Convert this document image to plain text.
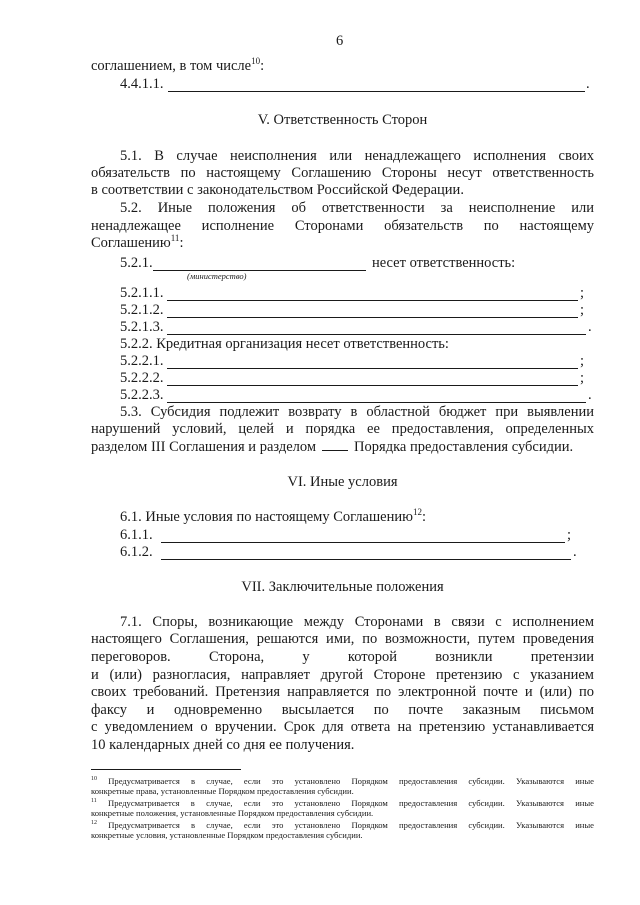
6
соглашением, в том числе$^{10}$:
4.4.1.1.	.
V. Ответственность Сторон
5.1. В случае неисполнения или ненадлежащего исполнения своих
обязательств по настоящему Соглашению Стороны несут ответственность
в соответствии с законодательством Российской Федерации.
5.2. Иные положения об ответственности за неисполнение или
ненадлежащее исполнение Сторонами обязательств по настоящему
Соглашению$^{11}$:
5.2.1.	несет ответственность:
(министерство)
5.2.1.1.	;
5.2.1.2.	;
5.2.1.3.	.
5.2.2. Кредитная организация несет ответственность:
5.2.2.1.	;
5.2.2.2.	;
5.2.2.3.	.
5.3. Субсидия подлежит возврату в областной бюджет при выявлении
нарушений условий, целей и порядка ее предоставления, определенных
разделом III Соглашения и разделом	Порядка предоставления субсидии.
VI. Иные условия
6.1. Иные условия по настоящему Соглашению$^{12}$:
6.1.1.	;
6.1.2.	.
VII. Заключительные положения
7.1. Споры, возникающие между Сторонами в связи с исполнением
настоящего Соглашения, решаются ими, по возможности, путем проведения
переговоров. Сторона, у которой возникли претензии
и (или) разногласия, направляет другой Стороне претензию с указанием
своих требований. Претензия направляется по электронной почте и (или) по
факсу и одновременно высылается по почте заказным письмом
с уведомлением о вручении. Срок для ответа на претензию устанавливается
10 календарных дней со дня ее получения.
$^{10}$ Предусматривается в случае, если это установлено Порядком предоставления субсидии. Указываются иные
конкретные права, установленные Порядком предоставления субсидии.
$^{11}$ Предусматривается в случае, если это установлено Порядком предоставления субсидии. Указываются иные
конкретные положения, установленные Порядком предоставления субсидии.
$^{12}$ Предусматривается в случае, если это установлено Порядком предоставления субсидии. Указываются иные
конкретные условия, установленные Порядком предоставления субсидии.
